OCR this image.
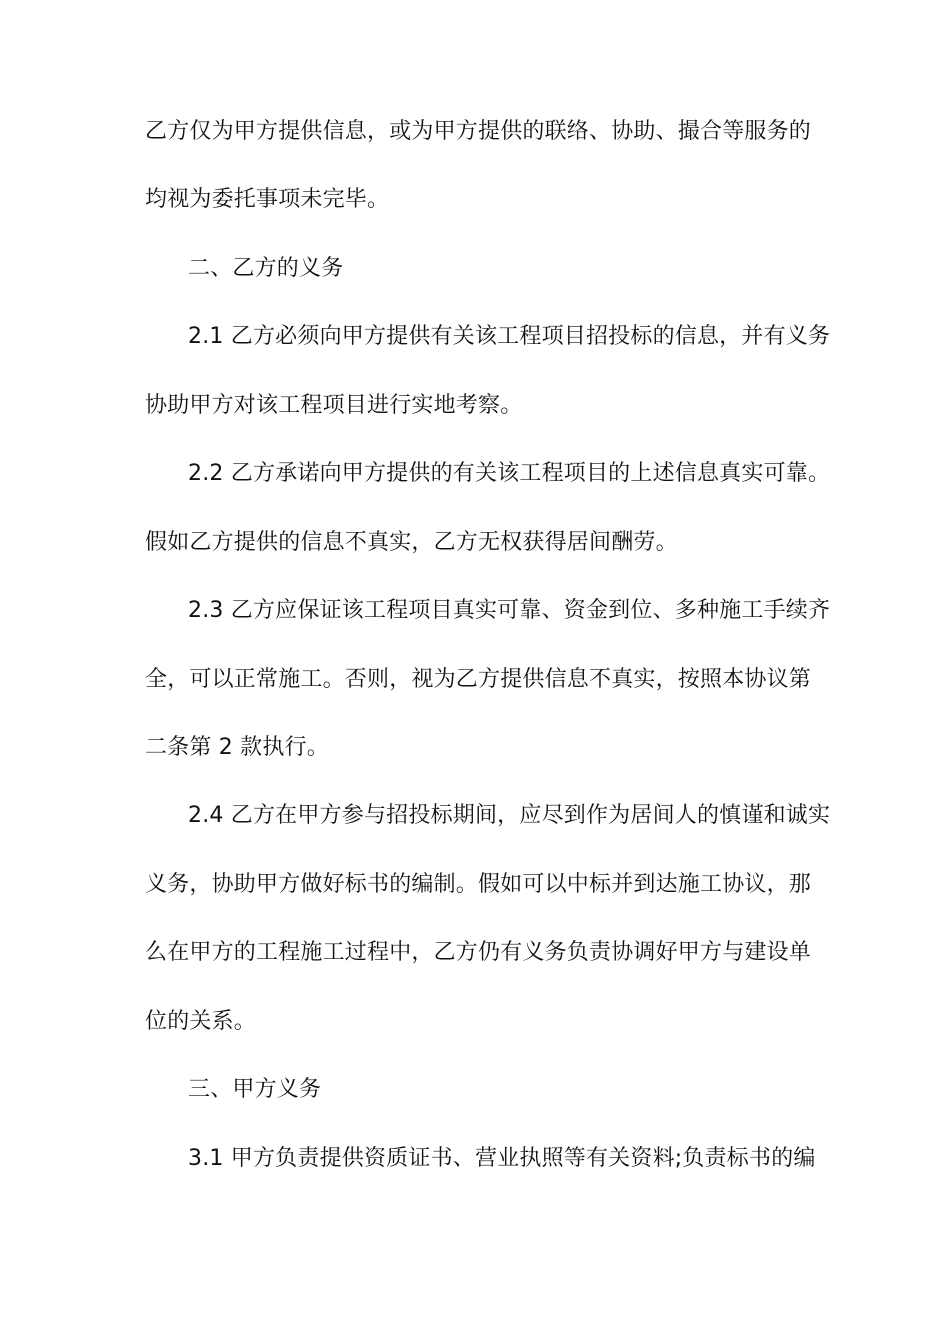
乙方仅为甲方提供信息，或为甲方提供的联络、协助、撮合等服务的
均视为委托事项未完毕。
二、乙方的义务
2.1 乙方必须向甲方提供有关该工程项目招投标的信息，并有义务
协助甲方对该工程项目进行实地考察。
2.2 乙方承诺向甲方提供的有关该工程项目的上述信息真实可靠。
假如乙方提供的信息不真实，乙方无权获得居间酬劳。
2.3 乙方应保证该工程项目真实可靠、资金到位、多种施工手续齐
全，可以正常施工。否则，视为乙方提供信息不真实，按照本协议第
二条第 2 款执行。
2.4 乙方在甲方参与招投标期间，应尽到作为居间人的慎谨和诚实
义务，协助甲方做好标书的编制。假如可以中标并到达施工协议，那
么在甲方的工程施工过程中，乙方仍有义务负责协调好甲方与建设单
位的关系。
三、甲方义务
3.1 甲方负责提供资质证书、营业执照等有关资料;负责标书的编
